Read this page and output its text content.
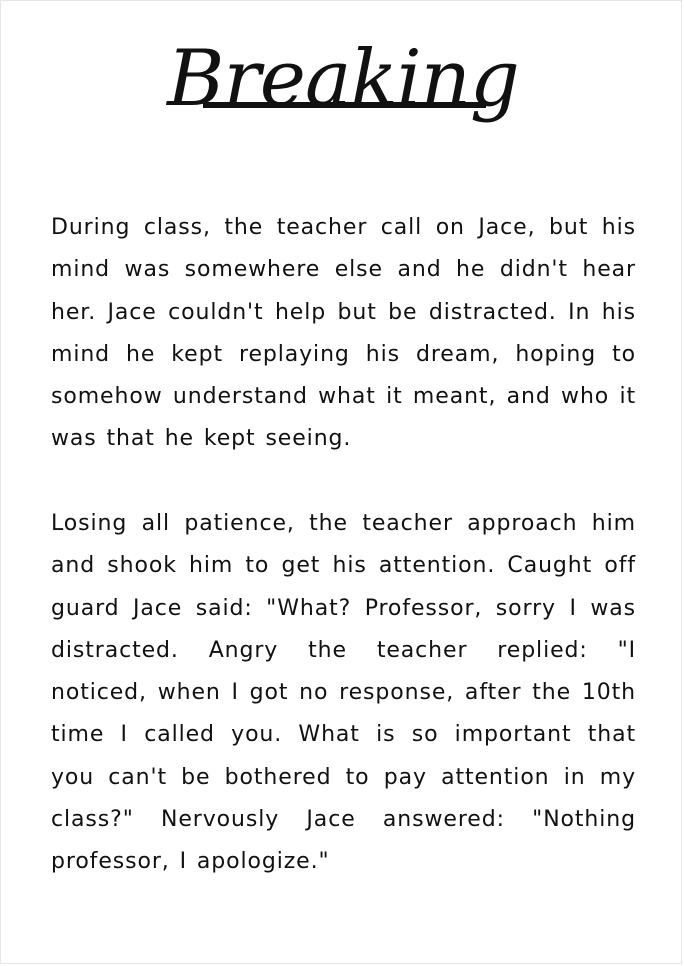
Breaking

During class, the teacher call on Jace, but his mind was somewhere else and he didn't hear her. Jace couldn't help but be distracted. In his mind he kept replaying his dream, hoping to somehow understand what it meant, and who it was that he kept seeing.

Losing all patience, the teacher approach him and shook him to get his attention. Caught off guard Jace said: "What? Professor, sorry I was distracted. Angry the teacher replied: "I noticed, when I got no response, after the 10th time I called you. What is so important that you can't be bothered to pay attention in my class?" Nervously Jace answered: "Nothing professor, I apologize."
